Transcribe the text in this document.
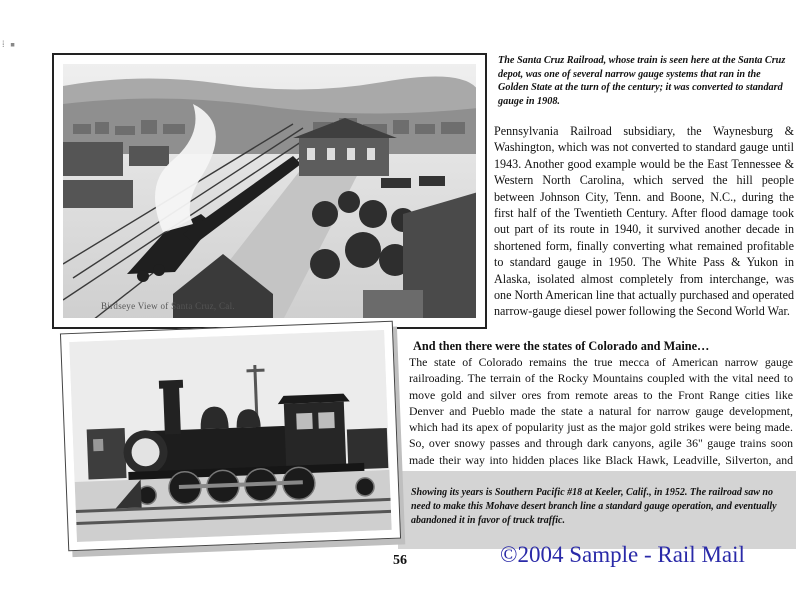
⁞ ▪
Birdseye View of Santa Cruz, Cal.
The Santa Cruz Railroad, whose train is seen here at the Santa Cruz depot, was one of several narrow gauge systems that ran in the Golden State at the turn of the century; it was converted to standard gauge in 1908.
Pennsylvania Railroad subsidiary, the Waynesburg & Washington, which was not converted to standard gauge until 1943. Another good example would be the East Tennessee & Western North Carolina, which served the hill people between Johnson City, Tenn. and Boone, N.C., during the first half of the Twentieth Century. After flood damage took out part of its route in 1940, it survived another decade in shortened form, finally converting what remained profitable to standard gauge in 1950. The White Pass & Yukon in Alaska, isolated almost completely from interchange, was one North American line that actually purchased and operated narrow-gauge diesel power following the Second World War.
And then there were the states of Colorado and Maine…
The state of Colorado remains the true mecca of American narrow gauge railroading. The terrain of the Rocky Mountains coupled with the vital need to move gold and silver ores from remote areas to the Front Range cities like Denver and Pueblo made the state a natural for narrow gauge development, which had its apex of popularity just as the major gold strikes were being made. So, over snowy passes and through dark canyons, agile 36" gauge trains soon made their way into hidden places like Black Hawk, Leadville, Silverton, and
Showing its years is Southern Pacific #18 at Keeler, Calif., in 1952. The railroad saw no need to make this Mohave desert branch line a standard gauge operation, and eventually abandoned it in favor of truck traffic.
56	©2004 Sample - Rail Mail
